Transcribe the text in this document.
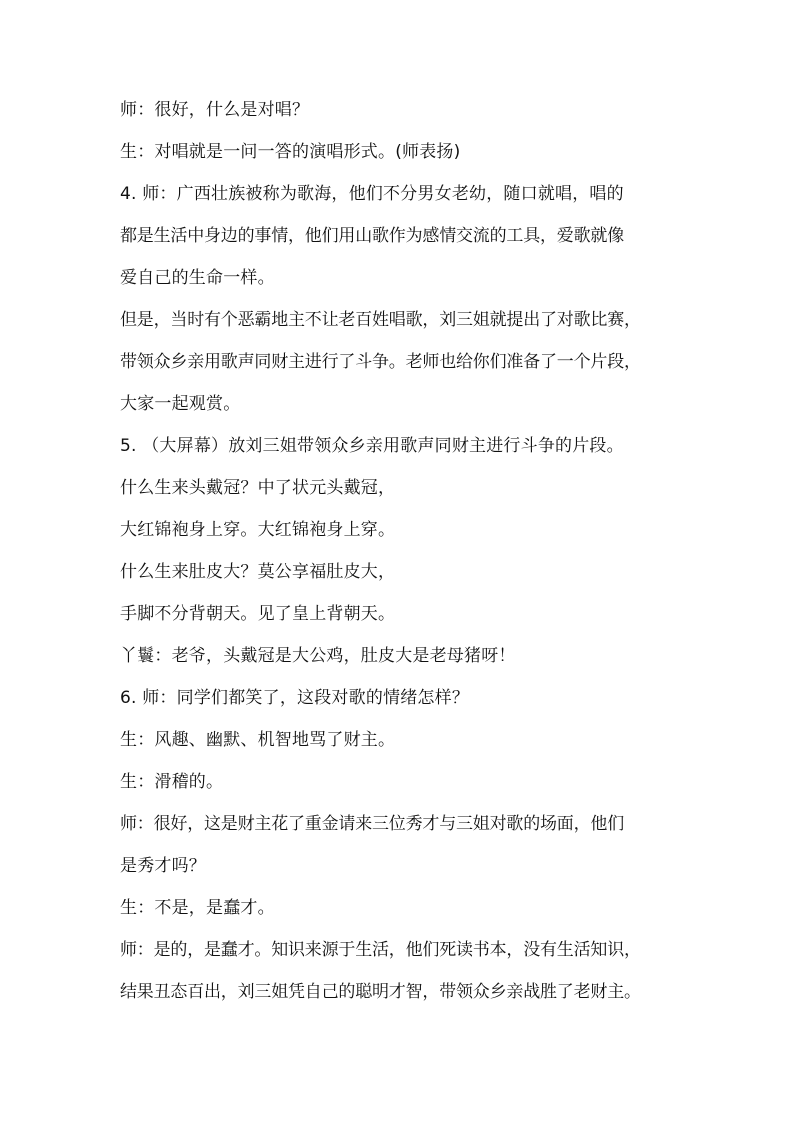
师：很好，什么是对唱？
生：对唱就是一问一答的演唱形式。(师表扬)
4. 师：广西壮族被称为歌海，他们不分男女老幼，随口就唱，唱的
都是生活中身边的事情，他们用山歌作为感情交流的工具，爱歌就像
爱自己的生命一样。
但是，当时有个恶霸地主不让老百姓唱歌，刘三姐就提出了对歌比赛，
带领众乡亲用歌声同财主进行了斗争。老师也给你们准备了一个片段，
大家一起观赏。
5. （大屏幕）放刘三姐带领众乡亲用歌声同财主进行斗争的片段。
什么生来头戴冠？中了状元头戴冠，
大红锦袍身上穿。大红锦袍身上穿。
什么生来肚皮大？莫公享福肚皮大，
手脚不分背朝天。见了皇上背朝天。
丫鬟：老爷，头戴冠是大公鸡，肚皮大是老母猪呀！
6. 师：同学们都笑了，这段对歌的情绪怎样？
生：风趣、幽默、机智地骂了财主。
生：滑稽的。
师：很好，这是财主花了重金请来三位秀才与三姐对歌的场面，他们
是秀才吗？
生：不是，是蠢才。
师：是的，是蠢才。知识来源于生活，他们死读书本，没有生活知识，
结果丑态百出，刘三姐凭自己的聪明才智，带领众乡亲战胜了老财主。
